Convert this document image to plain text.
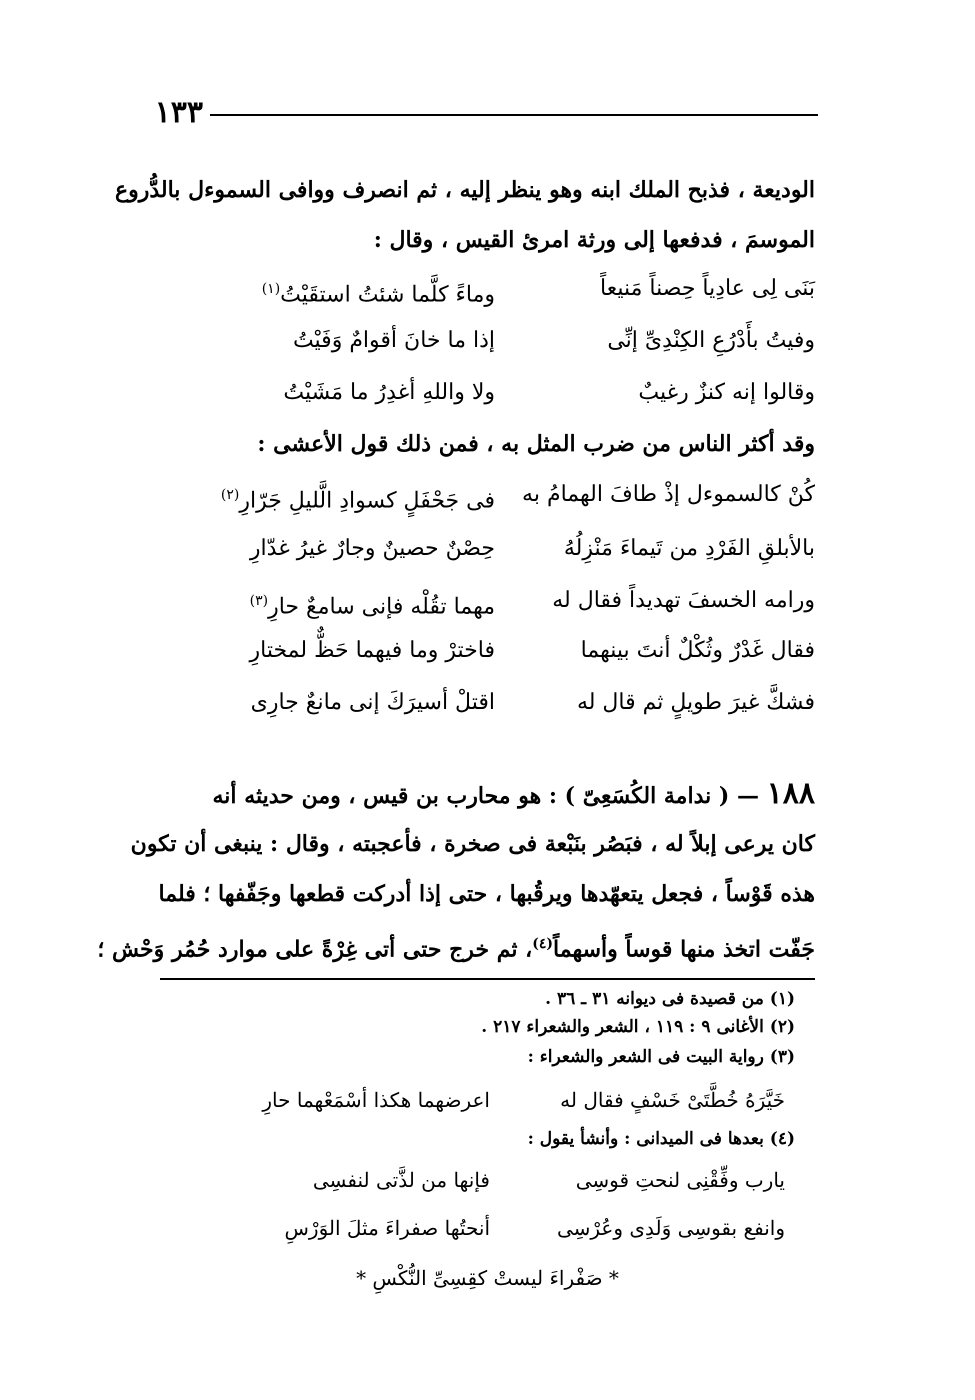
١٣٣
الوديعة ، فذبح الملك ابنه وهو ينظر إليه ، ثم انصرف ووافى السموءل بالدُّروع
الموسمَ ، فدفعها إلى ورثة امرئ القيس ، وقال :
بَنَى لِى عادِياً حِصناً مَنيعاً
وماءً كلَّما شئتُ استقَيْتُ$^{(١)}$
وفيتُ بأَدْرُعِ الكِنْدِىِّ إنِّى
إذا ما خانَ أقوامٌ وَفَيْتُ
وقالوا إنه كنزٌ رغيبٌ
ولا واللهِ أغدِرُ ما مَشَيْتُ
وقد أكثر الناس من ضرب المثل به ، فمن ذلك قول الأعشى :
كُنْ كالسموءل إذْ طافَ الهمامُ به
فى جَحْفَلٍ كسوادِ الَّليلِ جَرّارِ$^{(٢)}$
بالأبلقِ الفَرْدِ من تَيماءَ مَنْزِلُهُ
حِصْنٌ حصينٌ وجارٌ غيرُ غدّارِ
ورامه الخسفَ تهديداً فقال له
مهما تقُلْه فإنى سامعٌ حارِ$^{(٣)}$
فقال غَدْرٌ وثُكْلٌ أنتَ بينهما
فاخترْ وما فيهما حَظٌّ لمختارِ
فشكَّ غيرَ طويلٍ ثم قال له
اقتلْ أسيرَكَ إنى مانعٌ جارِى
١٨٨ — ( ندامة الكُسَعِىّ ) : هو محارب بن قيس ، ومن حديثه أنه
كان يرعى إبلاً له ، فبَصُر بنَبْعة فى صخرة ، فأعجبته ، وقال : ينبغى أن تكون
هذه قَوْساً ، فجعل يتعهّدها ويرقُبها ، حتى إذا أدركت قطعها وجَفّفها ؛ فلما
جَفّت اتخذ منها قوساً وأسهماً$^{(٤)}$، ثم خرج حتى أتى غِرْةً على موارد حُمُر وَحْش ؛
(١) من قصيدة فى ديوانه ٣١ ـ ٣٦ .
(٢) الأغانى ٩ : ١١٩ ، الشعر والشعراء ٢١٧ .
(٣) رواية البيت فى الشعر والشعراء :
خَيَّرَهُ خُطَّتَىْ خَسْفٍ فقال له
اعرضهما هكذا أسْمَعْهما حارِ
(٤) بعدها فى الميدانى : وأنشأ يقول :
يارب وفِّقْنِى لنحتِ قوسِى
فإنها من لذَّتى لنفسِى
وانفع بقوسِى وَلَدِى وعُرْسِى
أنحتُها صفراءَ مثلَ الوَرْسِ
* صَفْراءَ ليستْ كقِسِىِّ النُّكْسِ *
